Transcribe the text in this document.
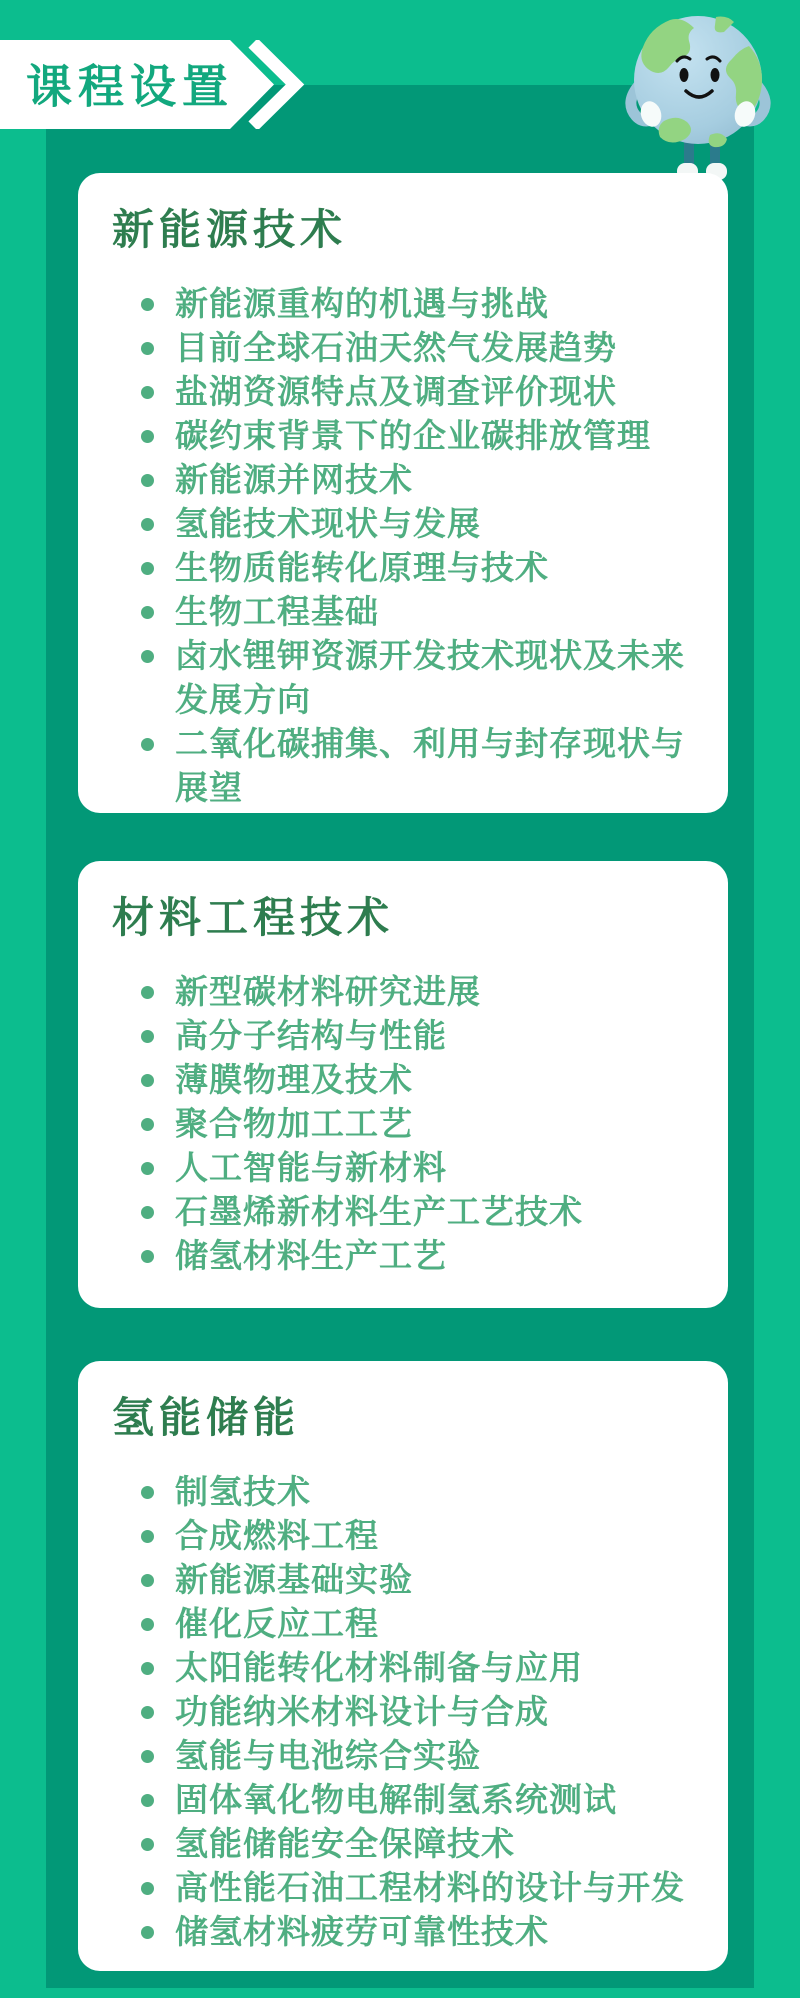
课程设置
新能源技术
新能源重构的机遇与挑战
目前全球石油天然气发展趋势
盐湖资源特点及调查评价现状
碳约束背景下的企业碳排放管理
新能源并网技术
氢能技术现状与发展
生物质能转化原理与技术
生物工程基础
卤水锂钾资源开发技术现状及未来发展方向
二氧化碳捕集、利用与封存现状与展望
材料工程技术
新型碳材料研究进展
高分子结构与性能
薄膜物理及技术
聚合物加工工艺
人工智能与新材料
石墨烯新材料生产工艺技术
储氢材料生产工艺
氢能储能
制氢技术
合成燃料工程
新能源基础实验
催化反应工程
太阳能转化材料制备与应用
功能纳米材料设计与合成
氢能与电池综合实验
固体氧化物电解制氢系统测试
氢能储能安全保障技术
高性能石油工程材料的设计与开发
储氢材料疲劳可靠性技术
